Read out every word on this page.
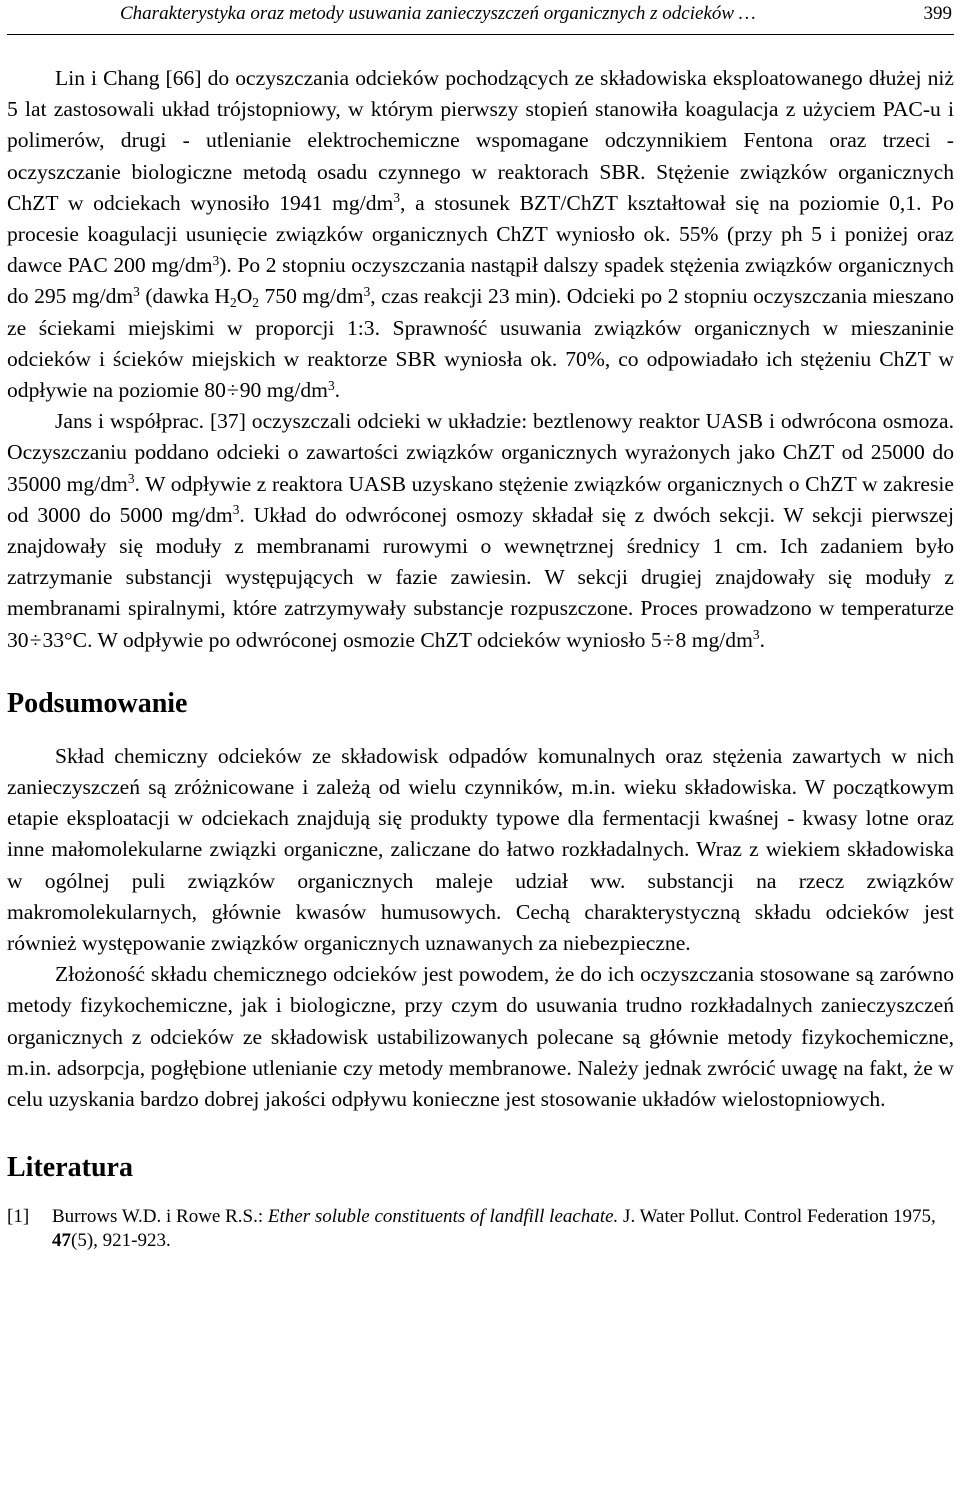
Charakterystyka oraz metody usuwania zanieczyszczeń organicznych z odcieków …	399

Lin i Chang [66] do oczyszczania odcieków pochodzących ze składowiska eksploatowanego dłużej niż 5 lat zastosowali układ trójstopniowy, w którym pierwszy stopień stanowiła koagulacja z użyciem PAC-u i polimerów, drugi - utlenianie elektrochemiczne wspomagane odczynnikiem Fentona oraz trzeci - oczyszczanie biologiczne metodą osadu czynnego w reaktorach SBR. Stężenie związków organicznych ChZT w odciekach wynosiło 1941 $mg/dm^3$, a stosunek BZT/ChZT kształtował się na poziomie 0,1. Po procesie koagulacji usunięcie związków organicznych ChZT wyniosło ok. 55% (przy ph 5 i poniżej oraz dawce PAC 200 $mg/dm^3$). Po 2 stopniu oczyszczania nastąpił dalszy spadek stężenia związków organicznych do 295 $mg/dm^3$ (dawka $H_2O_2$ 750 $mg/dm^3$, czas reakcji 23 min). Odcieki po 2 stopniu oczyszczania mieszano ze ściekami miejskimi w proporcji 1:3. Sprawność usuwania związków organicznych w mieszaninie odcieków i ścieków miejskich w reaktorze SBR wyniosła ok. 70%, co odpowiadało ich stężeniu ChZT w odpływie na poziomie 80÷90 $mg/dm^3$.

Jans i współprac. [37] oczyszczali odcieki w układzie: beztlenowy reaktor UASB i odwrócona osmoza. Oczyszczaniu poddano odcieki o zawartości związków organicznych wyrażonych jako ChZT od 25000 do 35000 $mg/dm^3$. W odpływie z reaktora UASB uzyskano stężenie związków organicznych o ChZT w zakresie od 3000 do 5000 $mg/dm^3$. Układ do odwróconej osmozy składał się z dwóch sekcji. W sekcji pierwszej znajdowały się moduły z membranami rurowymi o wewnętrznej średnicy 1 cm. Ich zadaniem było zatrzymanie substancji występujących w fazie zawiesin. W sekcji drugiej znajdowały się moduły z membranami spiralnymi, które zatrzymywały substancje rozpuszczone. Proces prowadzono w temperaturze 30÷33°C. W odpływie po odwróconej osmozie ChZT odcieków wyniosło 5÷8 $mg/dm^3$.

Podsumowanie

Skład chemiczny odcieków ze składowisk odpadów komunalnych oraz stężenia zawartych w nich zanieczyszczeń są zróżnicowane i zależą od wielu czynników, m.in. wieku składowiska. W początkowym etapie eksploatacji w odciekach znajdują się produkty typowe dla fermentacji kwaśnej - kwasy lotne oraz inne małomolekularne związki organiczne, zaliczane do łatwo rozkładalnych. Wraz z wiekiem składowiska w ogólnej puli związków organicznych maleje udział ww. substancji na rzecz związków makromolekularnych, głównie kwasów humusowych. Cechą charakterystyczną składu odcieków jest również występowanie związków organicznych uznawanych za niebezpieczne.

Złożoność składu chemicznego odcieków jest powodem, że do ich oczyszczania stosowane są zarówno metody fizykochemiczne, jak i biologiczne, przy czym do usuwania trudno rozkładalnych zanieczyszczeń organicznych z odcieków ze składowisk ustabilizowanych polecane są głównie metody fizykochemiczne, m.in. adsorpcja, pogłębione utlenianie czy metody membranowe. Należy jednak zwrócić uwagę na fakt, że w celu uzyskania bardzo dobrej jakości odpływu konieczne jest stosowanie układów wielostopniowych.

Literatura
[1] Burrows W.D. i Rowe R.S.: Ether soluble constituents of landfill leachate. J. Water Pollut. Control Federation 1975, 47(5), 921-923.
